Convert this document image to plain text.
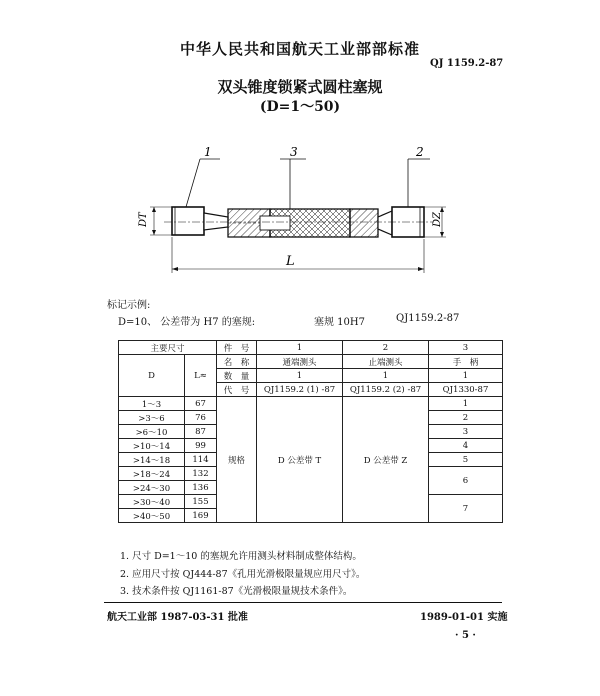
中华人民共和国航天工业部部标准
QJ 1159.2-87
双头锥度锁紧式圆柱塞规
(D=1～50)
1	3	2
DT	DZ
L
标记示例:
D=10、 公差带为 H7 的塞规:	塞规 10H7	QJ1159.2-87
主要尺寸		件　号	1	2	3
D	L≈	名　称	通端测头	止端测头	手　柄
		数　量	1	1	1
		代　号	QJ1159.2 (1) -87	QJ1159.2 (2) -87	QJ1330-87
1～3	67	规格	D 公差带 T	D 公差带 Z	1
>3～6	76				2
>6～10	87				3
>10～14	99				4
>14～18	114				5
>18～24	132				6
>24～30	136				
>30～40	155				7
>40～50	169				
1. 尺寸 D=1～10 的塞规允许用测头材料制成整体结构。
2. 应用尺寸按 QJ444-87《孔用光滑极限量规应用尺寸》。
3. 技术条件按 QJ1161-87《光滑极限量规技术条件》。
航天工业部 1987-03-31 批准	1989-01-01 实施
· 5 ·
